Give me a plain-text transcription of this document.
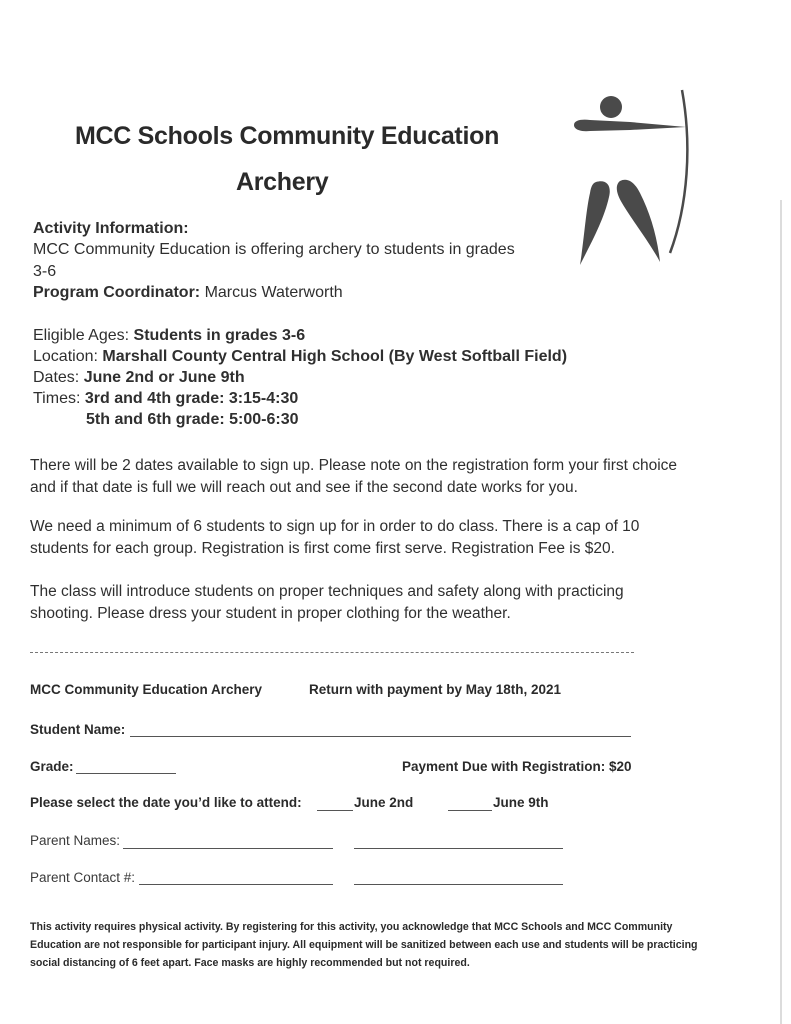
MCC Schools Community Education
Archery
Activity Information:
MCC Community Education is offering archery to students in grades
3-6
Program Coordinator: Marcus Waterworth
Eligible Ages: Students in grades 3-6
Location: Marshall County Central High School (By West Softball Field)
Dates: June 2nd or June 9th
Times: 3rd and 4th grade: 3:15-4:30
5th and 6th grade: 5:00-6:30
There will be 2 dates available to sign up. Please note on the registration form your first choice
and if that date is full we will reach out and see if the second date works for you.
We need a minimum of 6 students to sign up for in order to do class. There is a cap of 10
students for each group. Registration is first come first serve. Registration Fee is $20.
The class will introduce students on proper techniques and safety along with practicing
shooting. Please dress your student in proper clothing for the weather.
MCC Community Education Archery	Return with payment by May 18th, 2021
Student Name:
Grade:	Payment Due with Registration: $20
Please select the date you’d like to attend:	June 2nd	June 9th
Parent Names:
Parent Contact #:
This activity requires physical activity. By registering for this activity, you acknowledge that MCC Schools and MCC Community Education are not responsible for participant injury. All equipment will be sanitized between each use and students will be practicing social distancing of 6 feet apart. Face masks are highly recommended but not required.
